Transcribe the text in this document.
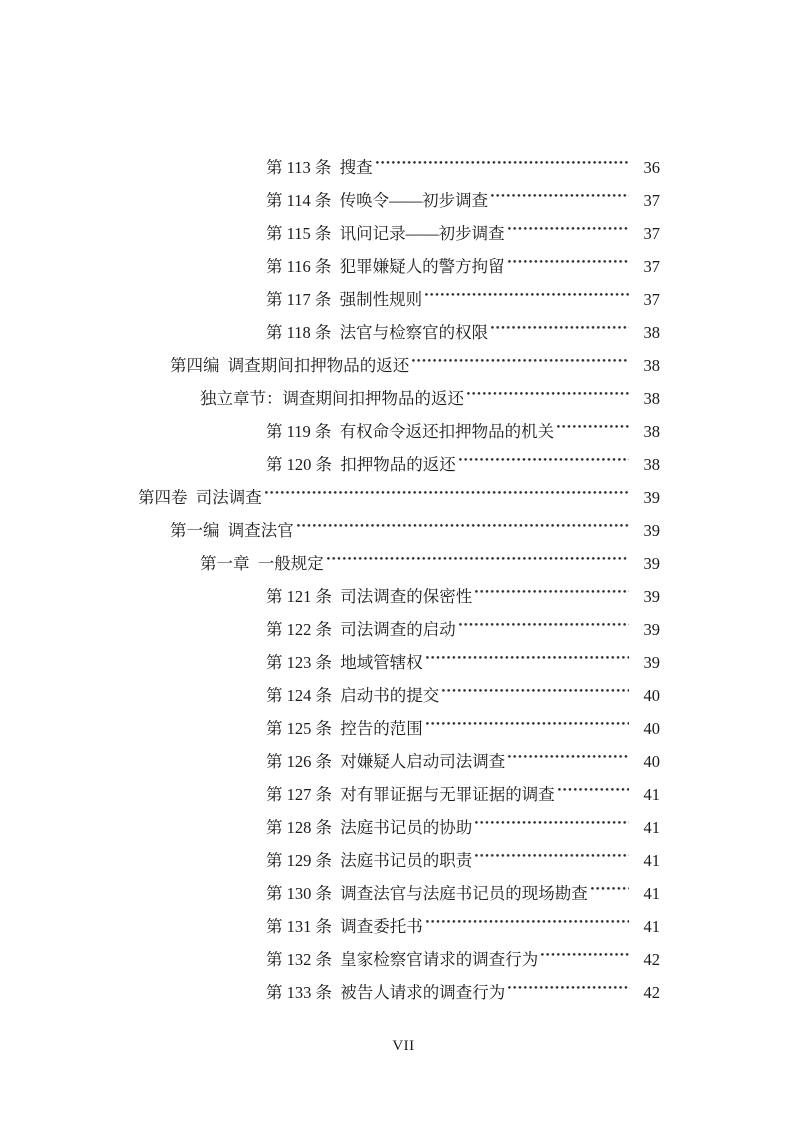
第 113 条  搜查	36
第 114 条  传唤令——初步调查	37
第 115 条  讯问记录——初步调查	37
第 116 条  犯罪嫌疑人的警方拘留	37
第 117 条  强制性规则	37
第 118 条  法官与检察官的权限	38
第四编  调查期间扣押物品的返还	38
独立章节：调查期间扣押物品的返还	38
第 119 条  有权命令返还扣押物品的机关	38
第 120 条  扣押物品的返还	38
第四卷  司法调查	39
第一编  调查法官	39
第一章  一般规定	39
第 121 条  司法调查的保密性	39
第 122 条  司法调查的启动	39
第 123 条  地域管辖权	39
第 124 条  启动书的提交	40
第 125 条  控告的范围	40
第 126 条  对嫌疑人启动司法调查	40
第 127 条  对有罪证据与无罪证据的调查	41
第 128 条  法庭书记员的协助	41
第 129 条  法庭书记员的职责	41
第 130 条  调查法官与法庭书记员的现场勘查	41
第 131 条  调查委托书	41
第 132 条  皇家检察官请求的调查行为	42
第 133 条  被告人请求的调查行为	42
VII
